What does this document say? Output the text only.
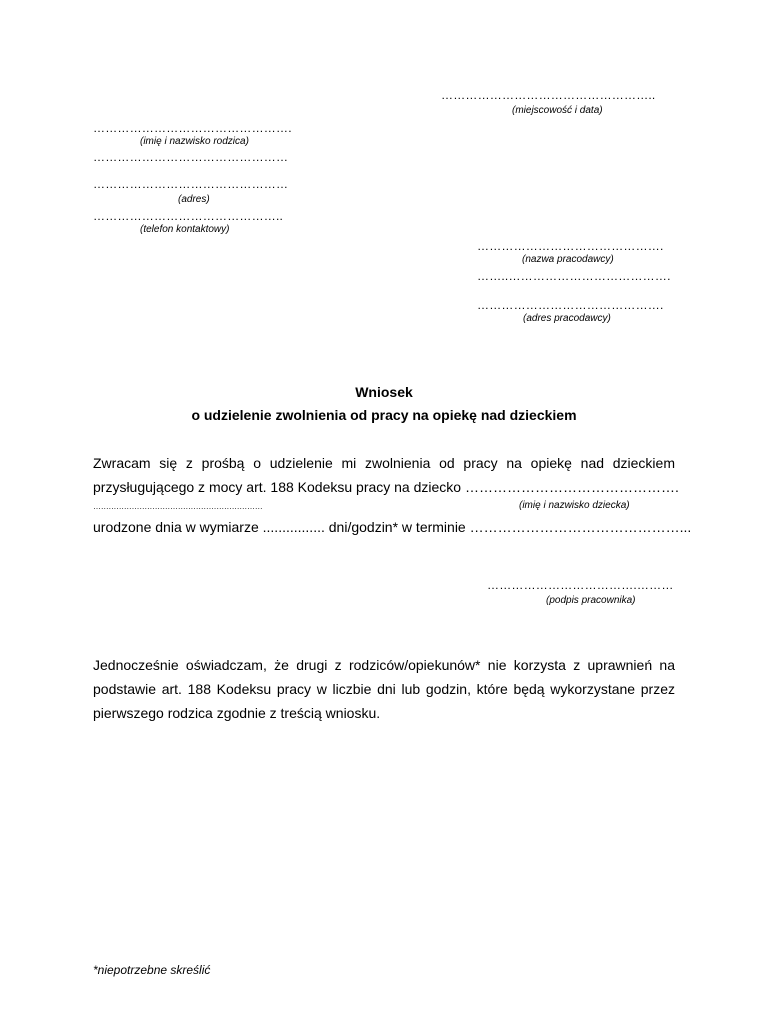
……………………………………………..
(miejscowość i data)
………………………………………….
(imię i nazwisko rodzica)
…………………………………………
…………………………………………
(adres)
………………………………………..
(telefon kontaktowy)
……………………………………….
(nazwa pracodawcy)
……..………………………………….
……………………………………….
(adres pracodawcy)
Wniosek
o udzielenie zwolnienia od pracy na opiekę nad dzieckiem
Zwracam się z prośbą o udzielenie mi zwolnienia od pracy na opiekę nad dzieckiem
przysługującego z mocy art. 188 Kodeksu pracy na dziecko ……………………………………….
…………………………………………………………	(imię i nazwisko dziecka)
urodzone dnia w wymiarze ................ dni/godzin* w terminie ………………………………………...
……………………………….………
(podpis pracownika)
Jednocześnie oświadczam, że drugi z rodziców/opiekunów* nie korzysta z uprawnień na podstawie art. 188 Kodeksu pracy w liczbie dni lub godzin, które będą wykorzystane przez pierwszego rodzica zgodnie z treścią wniosku.
*niepotrzebne skreślić
